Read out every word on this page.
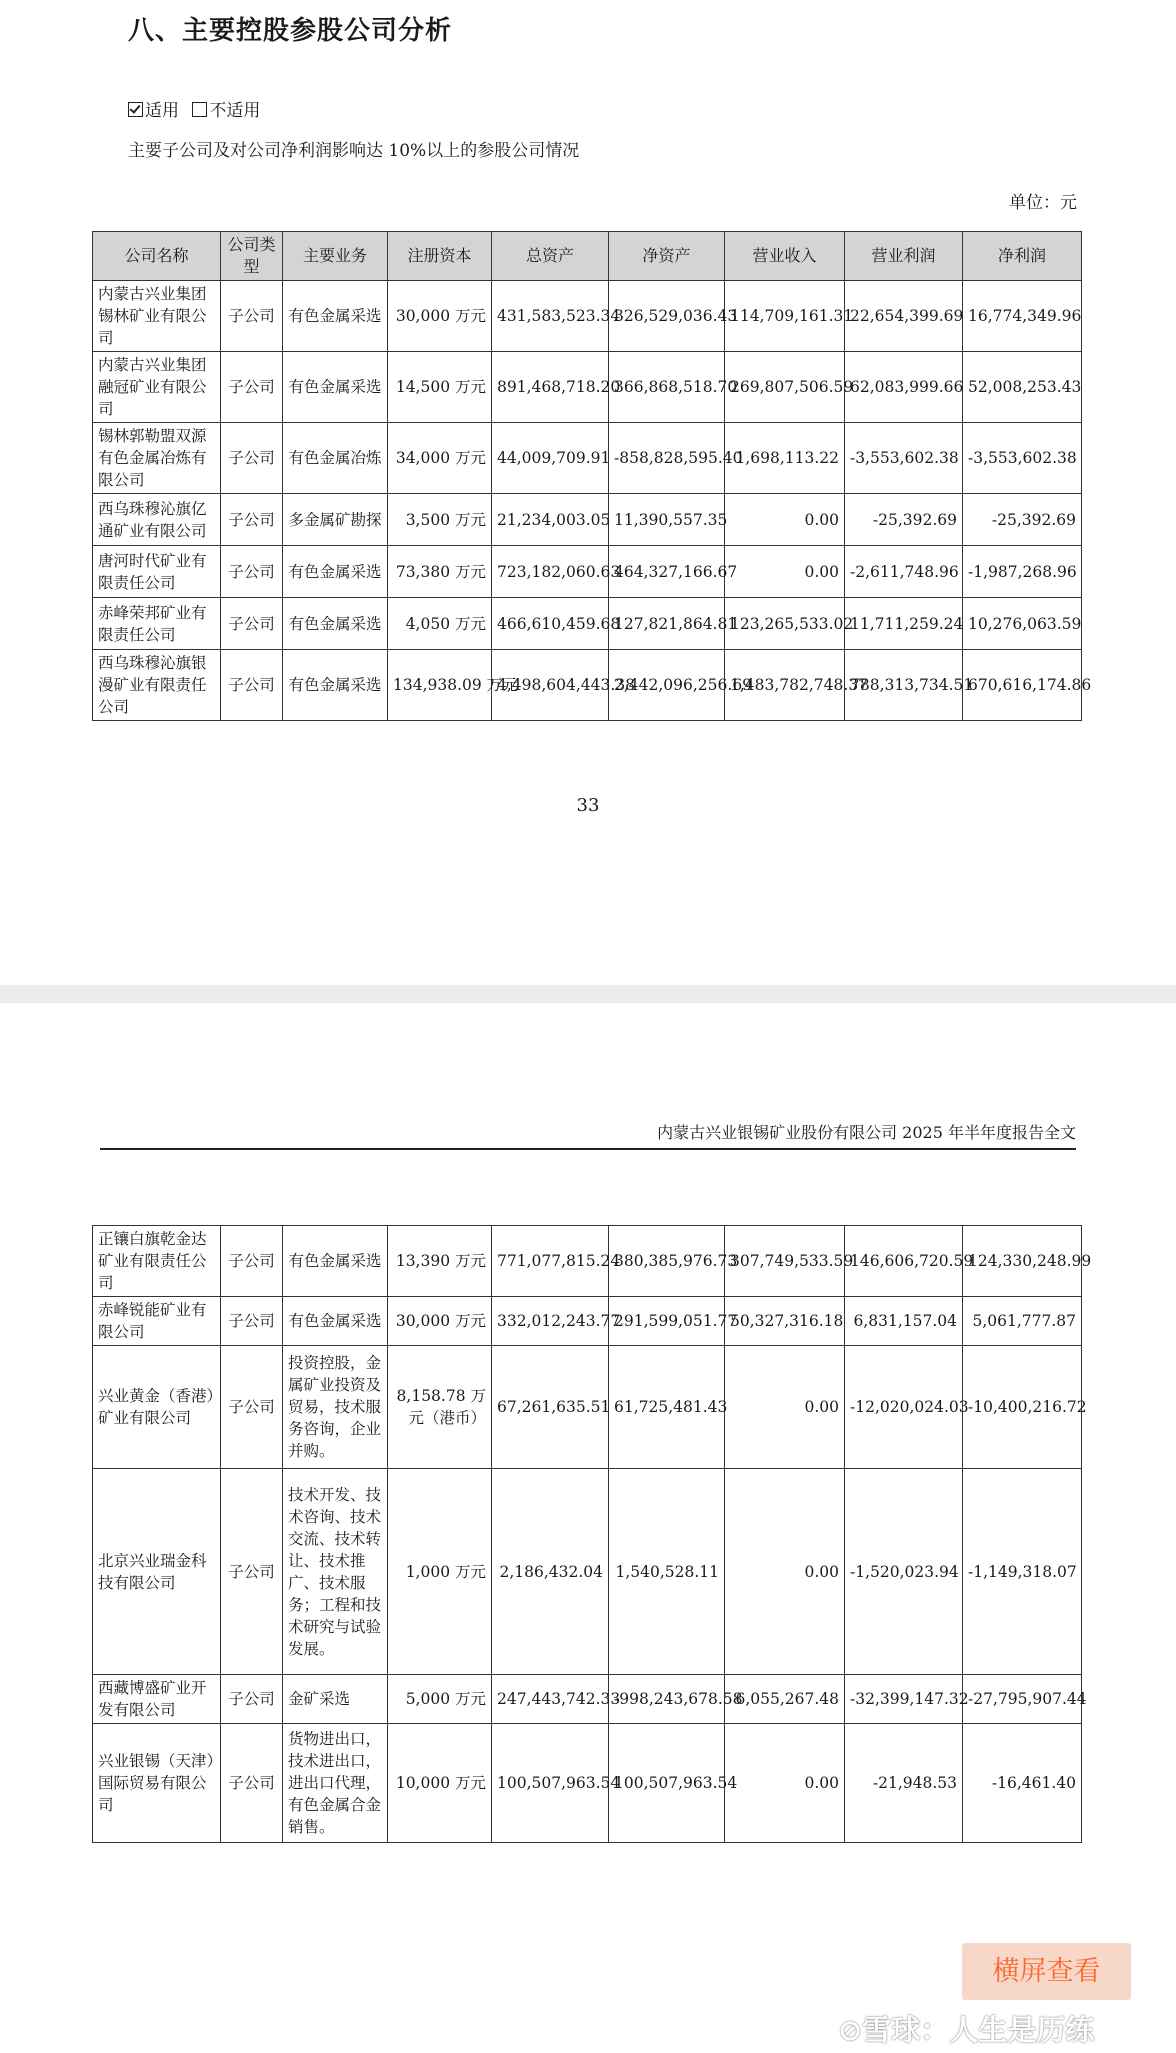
八、主要控股参股公司分析
适用 不适用
主要子公司及对公司净利润影响达 10%以上的参股公司情况
单位：元
公司名称	公司类型	主要业务	注册资本	总资产	净资产	营业收入	营业利润	净利润
内蒙古兴业集团锡林矿业有限公司	子公司	有色金属采选	30,000 万元	431,583,523.34	326,529,036.43	114,709,161.31	22,654,399.69	16,774,349.96
内蒙古兴业集团融冠矿业有限公司	子公司	有色金属采选	14,500 万元	891,468,718.20	366,868,518.70	269,807,506.59	62,083,999.66	52,008,253.43
锡林郭勒盟双源有色金属冶炼有限公司	子公司	有色金属冶炼	34,000 万元	44,009,709.91	-858,828,595.40	1,698,113.22	-3,553,602.38	-3,553,602.38
西乌珠穆沁旗亿通矿业有限公司	子公司	多金属矿勘探	3,500 万元	21,234,003.05	11,390,557.35	0.00	-25,392.69	-25,392.69
唐河时代矿业有限责任公司	子公司	有色金属采选	73,380 万元	723,182,060.63	464,327,166.67	0.00	-2,611,748.96	-1,987,268.96
赤峰荣邦矿业有限责任公司	子公司	有色金属采选	4,050 万元	466,610,459.68	127,821,864.81	123,265,533.02	11,711,259.24	10,276,063.59
西乌珠穆沁旗银漫矿业有限责任公司	子公司	有色金属采选	134,938.09 万元	4,498,604,443.38	2,442,096,256.69	1,483,782,748.37	788,313,734.51	670,616,174.86
33
内蒙古兴业银锡矿业股份有限公司 2025 年半年度报告全文
正镶白旗乾金达矿业有限责任公司	子公司	有色金属采选	13,390 万元	771,077,815.24	380,385,976.73	307,749,533.59	146,606,720.59	124,330,248.99
赤峰锐能矿业有限公司	子公司	有色金属采选	30,000 万元	332,012,243.77	291,599,051.77	50,327,316.18	6,831,157.04	5,061,777.87
兴业黄金（香港）矿业有限公司	子公司	投资控股，金属矿业投资及贸易，技术服务咨询，企业并购。	8,158.78 万元（港币）	67,261,635.51	61,725,481.43	0.00	-12,020,024.03	-10,400,216.72
北京兴业瑞金科技有限公司	子公司	技术开发、技术咨询、技术交流、技术转让、技术推广、技术服务；工程和技术研究与试验发展。	1,000 万元	2,186,432.04	1,540,528.11	0.00	-1,520,023.94	-1,149,318.07
西藏博盛矿业开发有限公司	子公司	金矿采选	5,000 万元	247,443,742.33	-998,243,678.58	6,055,267.48	-32,399,147.32	-27,795,907.44
兴业银锡（天津）国际贸易有限公司	子公司	货物进出口，技术进出口，进出口代理，有色金属合金销售。	10,000 万元	100,507,963.54	100,507,963.54	0.00	-21,948.53	-16,461.40
横屏查看
⊘雪球：人生是历练
